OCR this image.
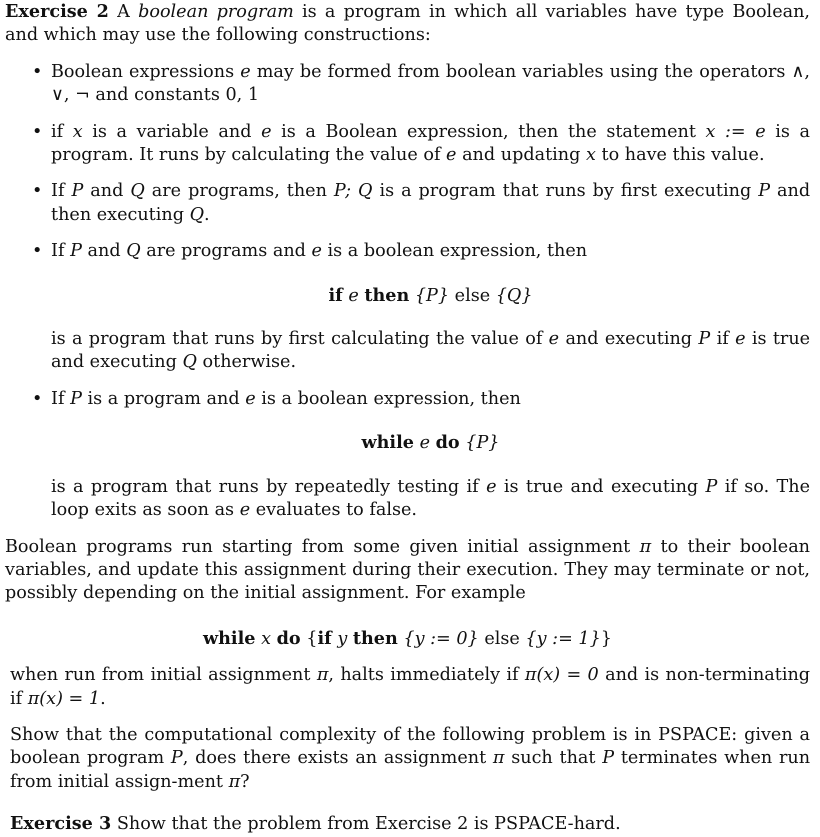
Exercise 2 A boolean program is a program in which all variables have type Boolean, and which may use the following constructions:

• Boolean expressions e may be formed from boolean variables using the operators ∧, ∨, ¬ and constants 0, 1
• if x is a variable and e is a Boolean expression, then the statement x := e is a program. It runs by calculating the value of e and updating x to have this value.
• If P and Q are programs, then P; Q is a program that runs by first executing P and then executing Q.
• If P and Q are programs and e is a boolean expression, then

if e then {P} else {Q}

is a program that runs by first calculating the value of e and executing P if e is true and executing Q otherwise.

• If P is a program and e is a boolean expression, then

while e do {P}

is a program that runs by repeatedly testing if e is true and executing P if so. The loop exits as soon as e evaluates to false.

Boolean programs run starting from some given initial assignment π to their boolean variables, and update this assignment during their execution. They may terminate or not, possibly depending on the initial assignment. For example

while x do {if y then {y := 0} else {y := 1}}

when run from initial assignment π, halts immediately if π(x) = 0 and is non-terminating if π(x) = 1.

Show that the computational complexity of the following problem is in PSPACE: given a boolean program P, does there exists an assignment π such that P terminates when run from initial assign-ment π?

Exercise 3 Show that the problem from Exercise 2 is PSPACE-hard.
